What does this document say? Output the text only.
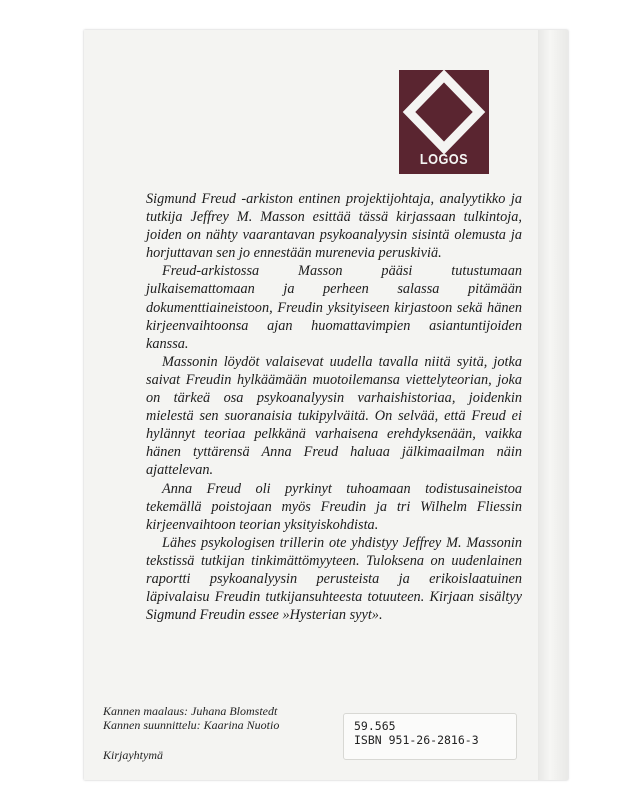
LOGOS

Sigmund Freud -arkiston entinen projektijohtaja, analyytikko ja tutkija Jeffrey M. Masson esittää tässä kirjassaan tulkintoja, joiden on nähty vaarantavan psykoanalyysin sisintä olemusta ja horjuttavan sen jo ennestään murenevia peruskiviä.

Freud-arkistossa Masson pääsi tutustumaan julkaisemattomaan ja perheen salassa pitämään dokumenttiaineistoon, Freudin yksityiseen kirjastoon sekä hänen kirjeenvaihtoonsa ajan huomattavimpien asiantuntijoiden kanssa.

Massonin löydöt valaisevat uudella tavalla niitä syitä, jotka saivat Freudin hylkäämään muotoilemansa viettelyteorian, joka on tärkeä osa psykoanalyysin varhaishistoriaa, joidenkin mielestä sen suoranaisia tukipylväitä. On selvää, että Freud ei hylännyt teoriaa pelkkänä varhaisena erehdyksenään, vaikka hänen tyttärensä Anna Freud haluaa jälkimaailman näin ajattelevan.

Anna Freud oli pyrkinyt tuhoamaan todistusaineistoa tekemällä poistojaan myös Freudin ja tri Wilhelm Fliessin kirjeenvaihtoon teorian yksityiskohdista.

Lähes psykologisen trillerin ote yhdistyy Jeffrey M. Massonin tekstissä tutkijan tinkimättömyyteen. Tuloksena on uudenlainen raportti psykoanalyysin perusteista ja erikoislaatuinen läpivalaisu Freudin tutkijansuhteesta totuuteen. Kirjaan sisältyy Sigmund Freudin essee »Hysterian syyt».

Kannen maalaus: Juhana Blomstedt
Kannen suunnittelu: Kaarina Nuotio
Kirjayhtymä
59.565
ISBN 951-26-2816-3
